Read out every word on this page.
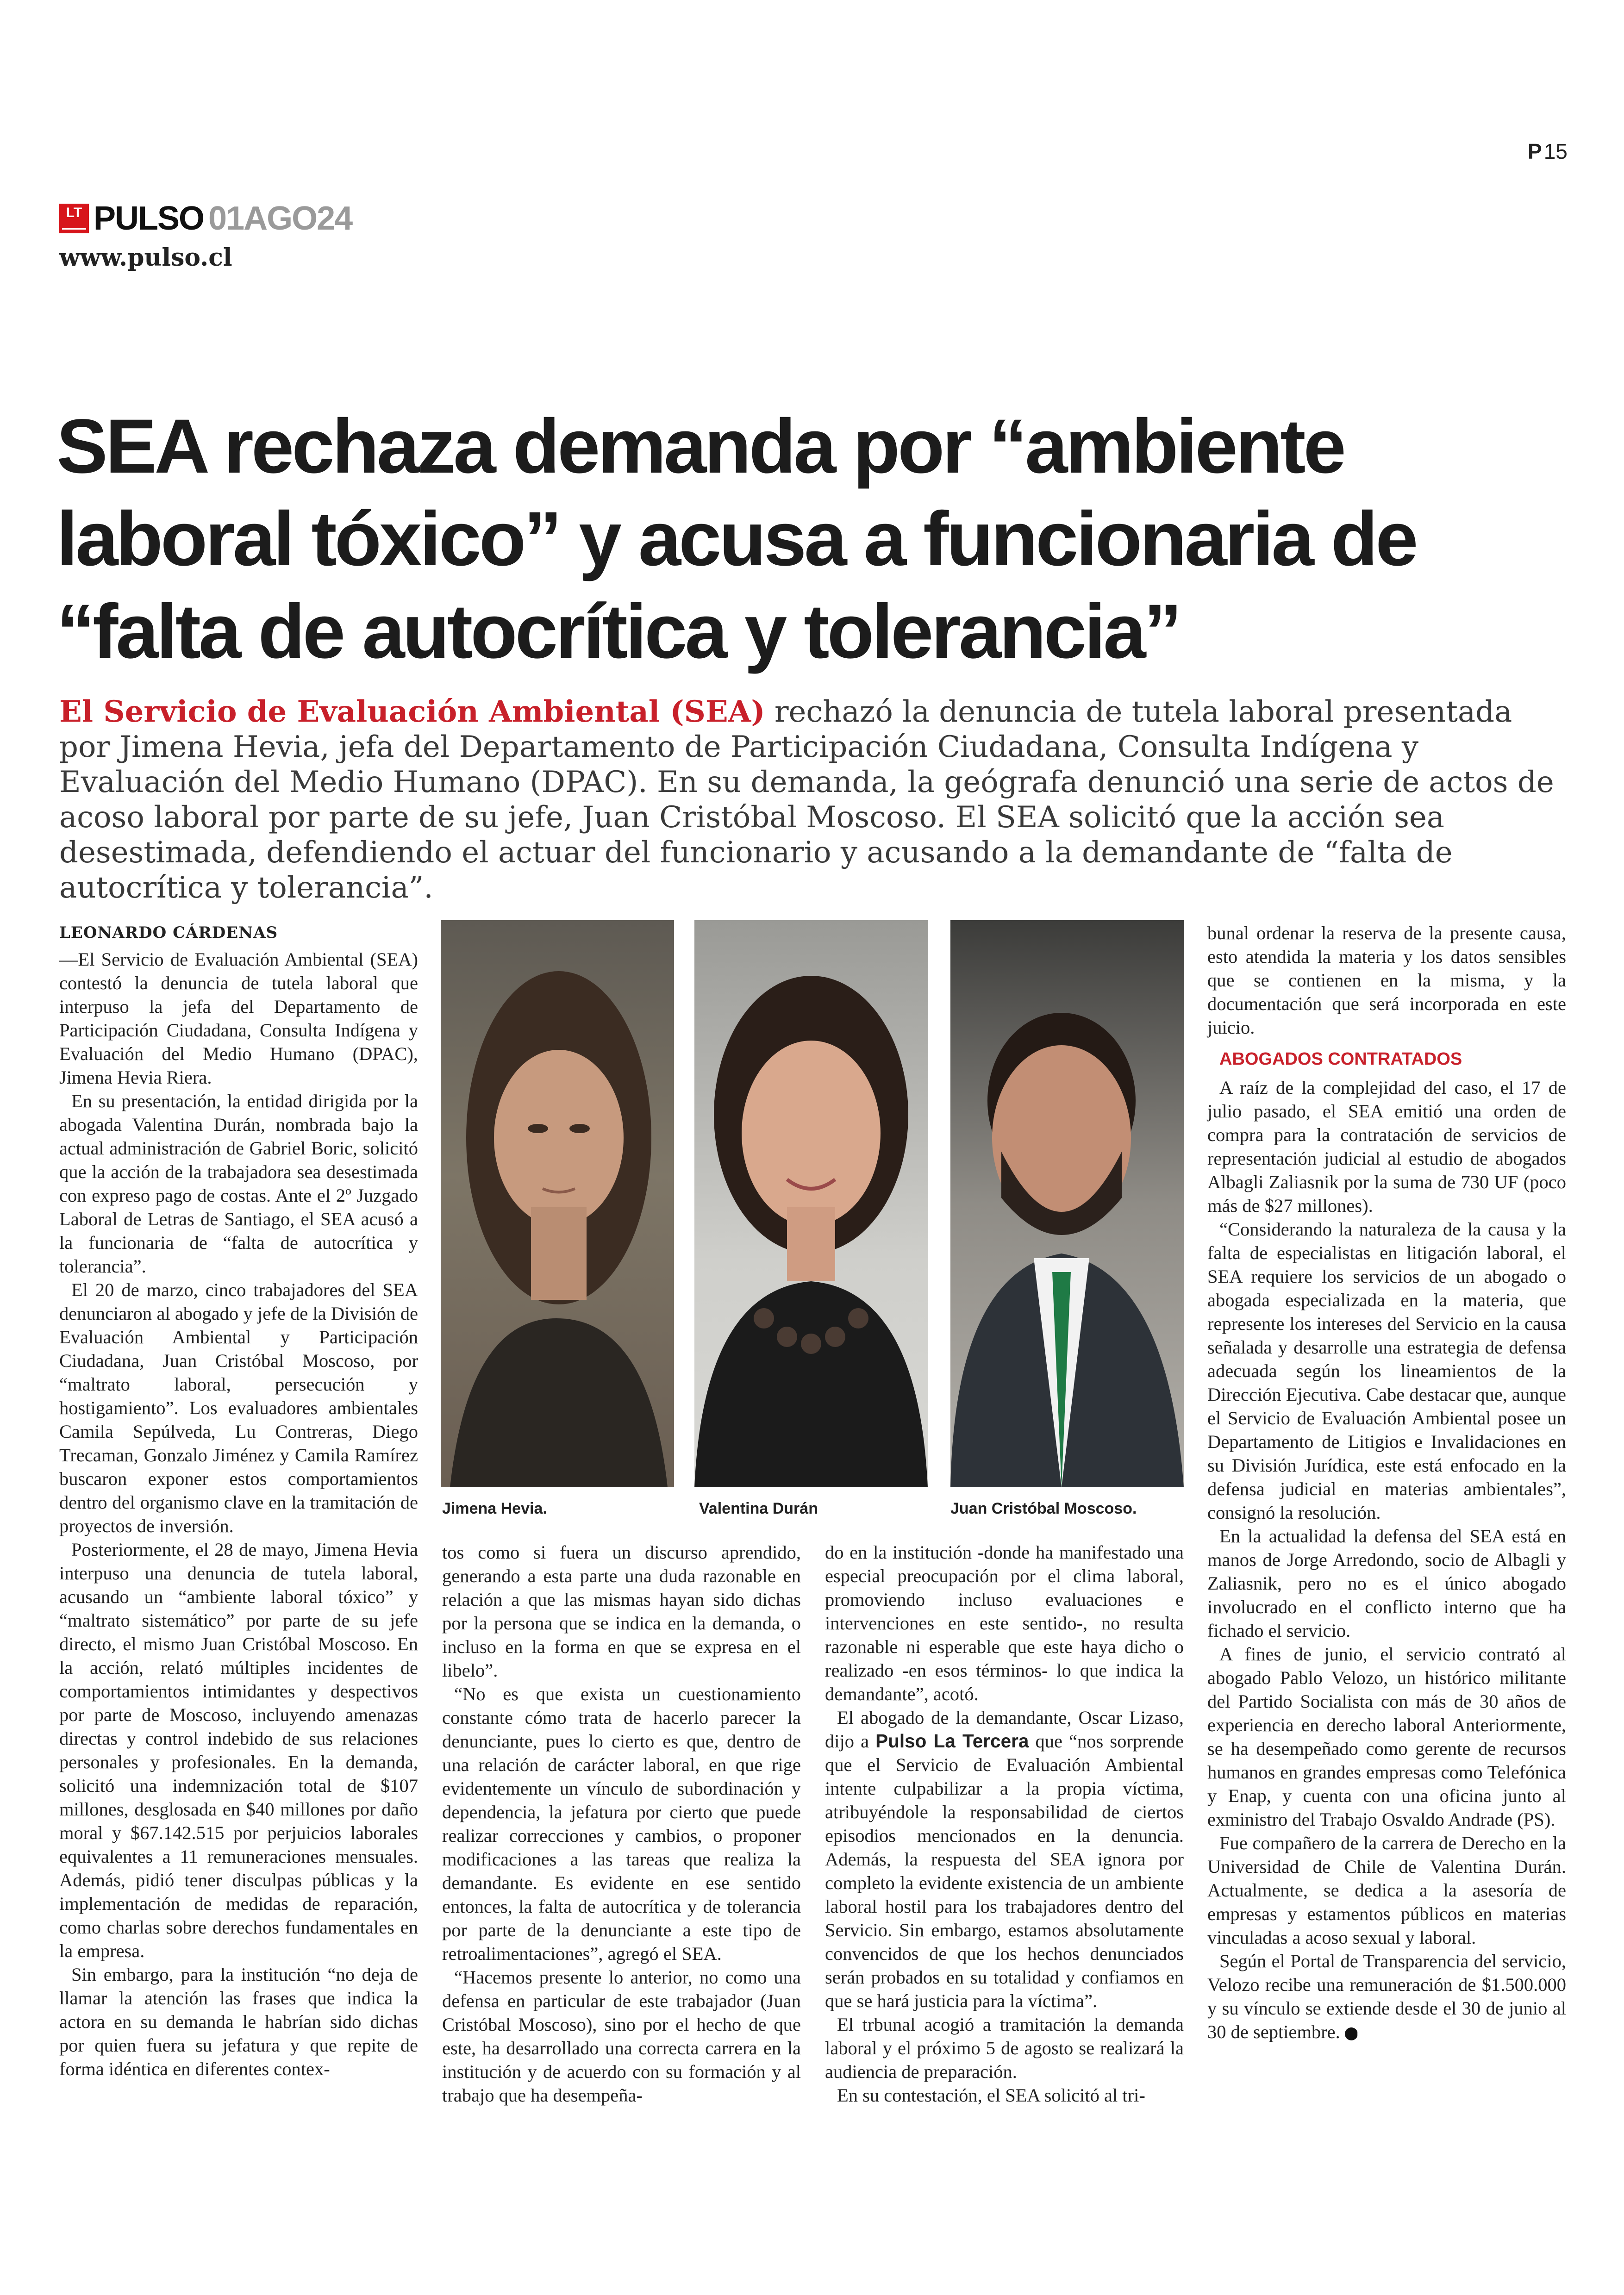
P15
LT PULSO 01AGO24
www.pulso.cl
SEA rechaza demanda por “ambiente laboral tóxico” y acusa a funcionaria de “falta de autocrítica y tolerancia”
El Servicio de Evaluación Ambiental (SEA) rechazó la denuncia de tutela laboral presentada por Jimena Hevia, jefa del Departamento de Participación Ciudadana, Consulta Indígena y Evaluación del Medio Humano (DPAC). En su demanda, la geógrafa denunció una serie de actos de acoso laboral por parte de su jefe, Juan Cristóbal Moscoso. El SEA solicitó que la acción sea desestimada, defendiendo el actuar del funcionario y acusando a la demandante de “falta de autocrítica y tolerancia”.
LEONARDO CÁRDENAS

—El Servicio de Evaluación Ambiental (SEA) contestó la denuncia de tutela laboral que interpuso la jefa del Departamento de Participación Ciudadana, Consulta Indígena y Evaluación del Medio Humano (DPAC), Jimena Hevia Riera.

En su presentación, la entidad dirigida por la abogada Valentina Durán, nombrada bajo la actual administración de Gabriel Boric, solicitó que la acción de la trabajadora sea desestimada con expreso pago de costas. Ante el 2º Juzgado Laboral de Letras de Santiago, el SEA acusó a la funcionaria de “falta de autocrítica y tolerancia”.

El 20 de marzo, cinco trabajadores del SEA denunciaron al abogado y jefe de la División de Evaluación Ambiental y Participación Ciudadana, Juan Cristóbal Moscoso, por “maltrato laboral, persecución y hostigamiento”. Los evaluadores ambientales Camila Sepúlveda, Lu Contreras, Diego Trecaman, Gonzalo Jiménez y Camila Ramírez buscaron exponer estos comportamientos dentro del organismo clave en la tramitación de proyectos de inversión.

Posteriormente, el 28 de mayo, Jimena Hevia interpuso una denuncia de tutela laboral, acusando un “ambiente laboral tóxico” y “maltrato sistemático” por parte de su jefe directo, el mismo Juan Cristóbal Moscoso. En la acción, relató múltiples incidentes de comportamientos intimidantes y despectivos por parte de Moscoso, incluyendo amenazas directas y control indebido de sus relaciones personales y profesionales. En la demanda, solicitó una indemnización total de $107 millones, desglosada en $40 millones por daño moral y $67.142.515 por perjuicios laborales equivalentes a 11 remuneraciones mensuales. Además, pidió tener disculpas públicas y la implementación de medidas de reparación, como charlas sobre derechos fundamentales en la empresa.

Sin embargo, para la institución “no deja de llamar la atención las frases que indica la actora en su demanda le habrían sido dichas por quien fuera su jefatura y que repite de forma idéntica en diferentes contex-

Jimena Hevia.	Valentina Durán	Juan Cristóbal Moscoso.

tos como si fuera un discurso aprendido, generando a esta parte una duda razonable en relación a que las mismas hayan sido dichas por la persona que se indica en la demanda, o incluso en la forma en que se expresa en el libelo”.

“No es que exista un cuestionamiento constante cómo trata de hacerlo parecer la denunciante, pues lo cierto es que, dentro de una relación de carácter laboral, en que rige evidentemente un vínculo de subordinación y dependencia, la jefatura por cierto que puede realizar correcciones y cambios, o proponer modificaciones a las tareas que realiza la demandante. Es evidente en ese sentido entonces, la falta de autocrítica y de tolerancia por parte de la denunciante a este tipo de retroalimentaciones”, agregó el SEA.

“Hacemos presente lo anterior, no como una defensa en particular de este trabajador (Juan Cristóbal Moscoso), sino por el hecho de que este, ha desarrollado una correcta carrera en la institución y de acuerdo con su formación y al trabajo que ha desempeña-

do en la institución -donde ha manifestado una especial preocupación por el clima laboral, promoviendo incluso evaluaciones e intervenciones en este sentido-, no resulta razonable ni esperable que este haya dicho o realizado -en esos términos- lo que indica la demandante”, acotó.

El abogado de la demandante, Oscar Lizaso, dijo a Pulso La Tercera que “nos sorprende que el Servicio de Evaluación Ambiental intente culpabilizar a la propia víctima, atribuyéndole la responsabilidad de ciertos episodios mencionados en la denuncia. Además, la respuesta del SEA ignora por completo la evidente existencia de un ambiente laboral hostil para los trabajadores dentro del Servicio. Sin embargo, estamos absolutamente convencidos de que los hechos denunciados serán probados en su totalidad y confiamos en que se hará justicia para la víctima”.

El trbunal acogió a tramitación la demanda laboral y el próximo 5 de agosto se realizará la audiencia de preparación.

En su contestación, el SEA solicitó al tri-

bunal ordenar la reserva de la presente causa, esto atendida la materia y los datos sensibles que se contienen en la misma, y la documentación que será incorporada en este juicio.

ABOGADOS CONTRATADOS

A raíz de la complejidad del caso, el 17 de julio pasado, el SEA emitió una orden de compra para la contratación de servicios de representación judicial al estudio de abogados Albagli Zaliasnik por la suma de 730 UF (poco más de $27 millones).

“Considerando la naturaleza de la causa y la falta de especialistas en litigación laboral, el SEA requiere los servicios de un abogado o abogada especializada en la materia, que represente los intereses del Servicio en la causa señalada y desarrolle una estrategia de defensa adecuada según los lineamientos de la Dirección Ejecutiva. Cabe destacar que, aunque el Servicio de Evaluación Ambiental posee un Departamento de Litigios e Invalidaciones en su División Jurídica, este está enfocado en la defensa judicial en materias ambientales”, consignó la resolución.

En la actualidad la defensa del SEA está en manos de Jorge Arredondo, socio de Albagli y Zaliasnik, pero no es el único abogado involucrado en el conflicto interno que ha fichado el servicio.

A fines de junio, el servicio contrató al abogado Pablo Velozo, un histórico militante del Partido Socialista con más de 30 años de experiencia en derecho laboral Anteriormente, se ha desempeñado como gerente de recursos humanos en grandes empresas como Telefónica y Enap, y cuenta con una oficina junto al exministro del Trabajo Osvaldo Andrade (PS).

Fue compañero de la carrera de Derecho en la Universidad de Chile de Valentina Durán. Actualmente, se dedica a la asesoría de empresas y estamentos públicos en materias vinculadas a acoso sexual y laboral.

Según el Portal de Transparencia del servicio, Velozo recibe una remuneración de $1.500.000 y su vínculo se extiende desde el 30 de junio al 30 de septiembre. P
